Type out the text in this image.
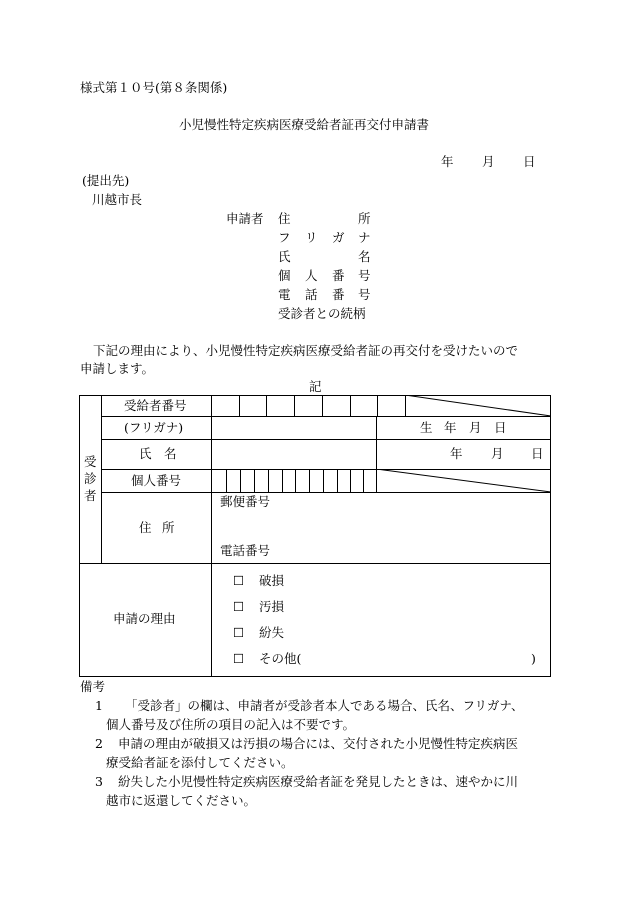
様式第１０号(第８条関係)
小児慢性特定疾病医療受給者証再交付申請書
年 月 日
(提出先)
川越市長
申請者 住	所
フ リ ガ ナ
氏	名
個 人 番 号
電 話 番 号
受診者との続柄
下記の理由により、小児慢性特定疾病医療受給者証の再交付を受けたいので
申請します。
記
受
診
者
受給者番号
(フリガナ)	生 年 月 日
氏 名	年 月 日
個人番号
住 所
郵便番号
電話番号
申請の理由
☐ 破損
☐ 汚損
☐ 紛失
☐ その他(	)
備考
1 「受診者」の欄は、申請者が受診者本人である場合、氏名、フリガナ、
個人番号及び住所の項目の記入は不要です。
2 申請の理由が破損又は汚損の場合には、交付された小児慢性特定疾病医
療受給者証を添付してください。
3 紛失した小児慢性特定疾病医療受給者証を発見したときは、速やかに川
越市に返還してください。
